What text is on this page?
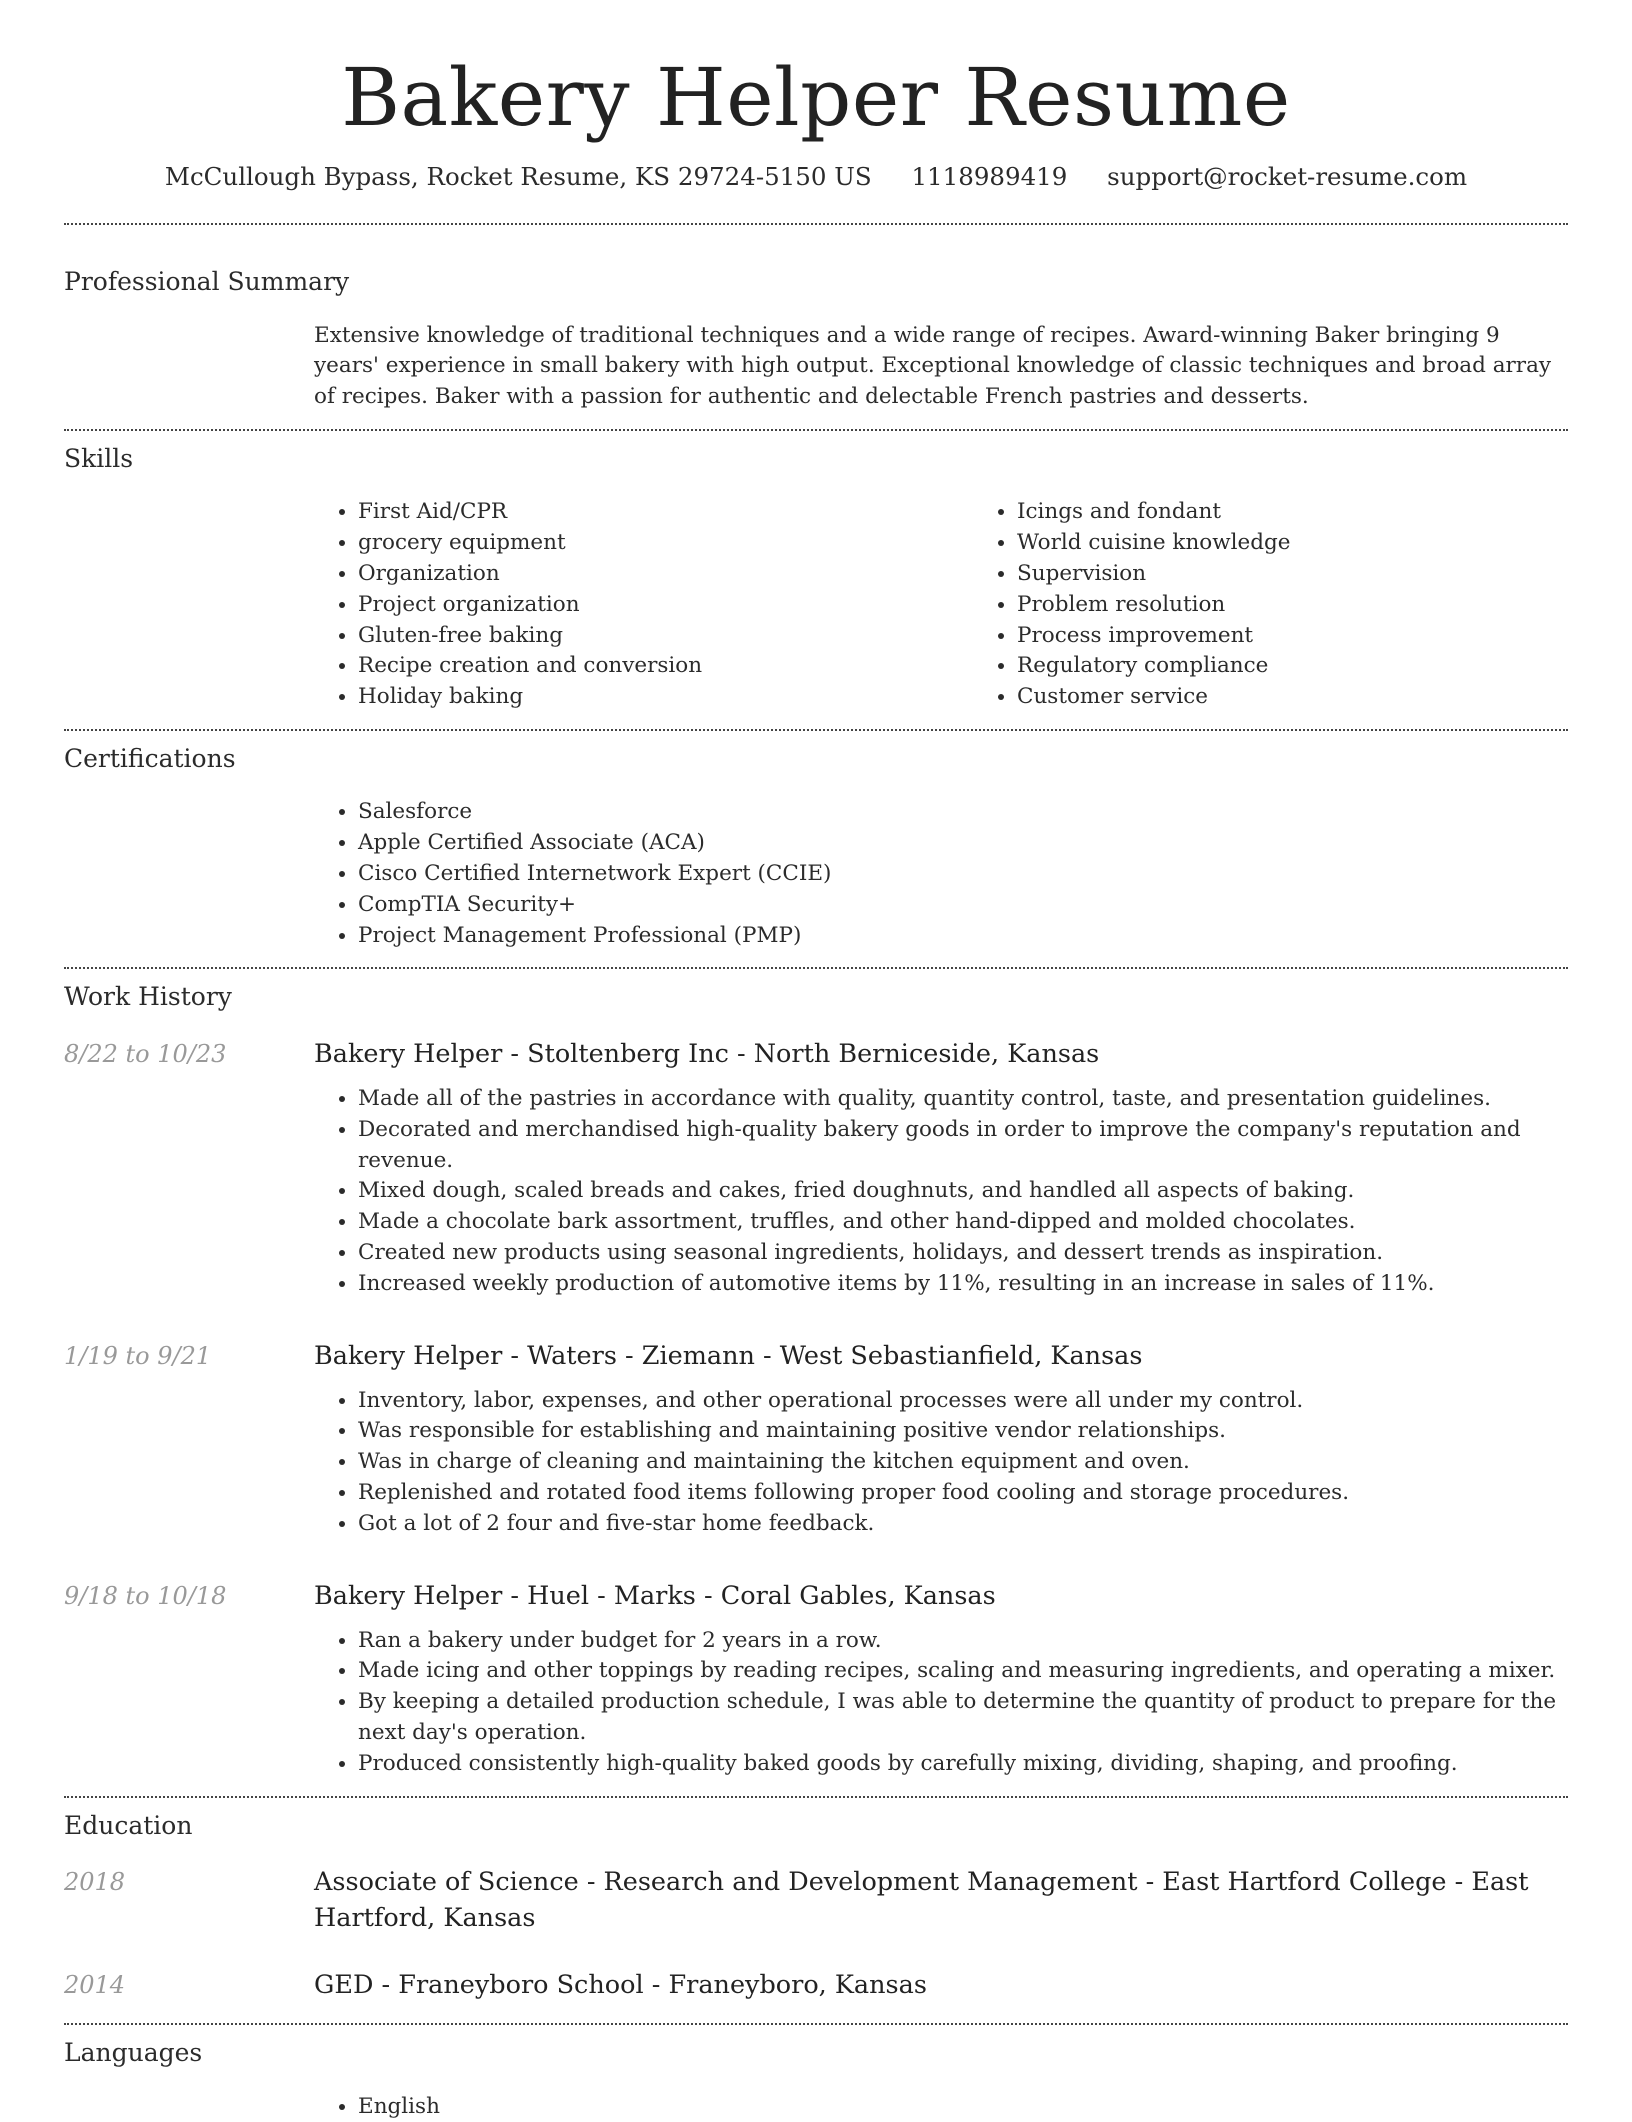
Bakery Helper Resume
McCullough Bypass, Rocket Resume, KS 29724-5150 US 1118989419 support@rocket-resume.com
Professional Summary
Extensive knowledge of traditional techniques and a wide range of recipes. Award-winning Baker bringing 9 years' experience in small bakery with high output. Exceptional knowledge of classic techniques and broad array of recipes. Baker with a passion for authentic and delectable French pastries and desserts.
Skills
• First Aid/CPR
• grocery equipment
• Organization
• Project organization
• Gluten-free baking
• Recipe creation and conversion
• Holiday baking
• Icings and fondant
• World cuisine knowledge
• Supervision
• Problem resolution
• Process improvement
• Regulatory compliance
• Customer service
Certifications
• Salesforce
• Apple Certified Associate (ACA)
• Cisco Certified Internetwork Expert (CCIE)
• CompTIA Security+
• Project Management Professional (PMP)
Work History
8/22 to 10/23	Bakery Helper - Stoltenberg Inc - North Berniceside, Kansas
• Made all of the pastries in accordance with quality, quantity control, taste, and presentation guidelines.
• Decorated and merchandised high-quality bakery goods in order to improve the company's reputation and revenue.
• Mixed dough, scaled breads and cakes, fried doughnuts, and handled all aspects of baking.
• Made a chocolate bark assortment, truffles, and other hand-dipped and molded chocolates.
• Created new products using seasonal ingredients, holidays, and dessert trends as inspiration.
• Increased weekly production of automotive items by 11%, resulting in an increase in sales of 11%.
1/19 to 9/21	Bakery Helper - Waters - Ziemann - West Sebastianfield, Kansas
• Inventory, labor, expenses, and other operational processes were all under my control.
• Was responsible for establishing and maintaining positive vendor relationships.
• Was in charge of cleaning and maintaining the kitchen equipment and oven.
• Replenished and rotated food items following proper food cooling and storage procedures.
• Got a lot of 2 four and five-star home feedback.
9/18 to 10/18	Bakery Helper - Huel - Marks - Coral Gables, Kansas
• Ran a bakery under budget for 2 years in a row.
• Made icing and other toppings by reading recipes, scaling and measuring ingredients, and operating a mixer.
• By keeping a detailed production schedule, I was able to determine the quantity of product to prepare for the next day's operation.
• Produced consistently high-quality baked goods by carefully mixing, dividing, shaping, and proofing.
Education
2018	Associate of Science - Research and Development Management - East Hartford College - East Hartford, Kansas
2014	GED - Franeyboro School - Franeyboro, Kansas
Languages
• English
